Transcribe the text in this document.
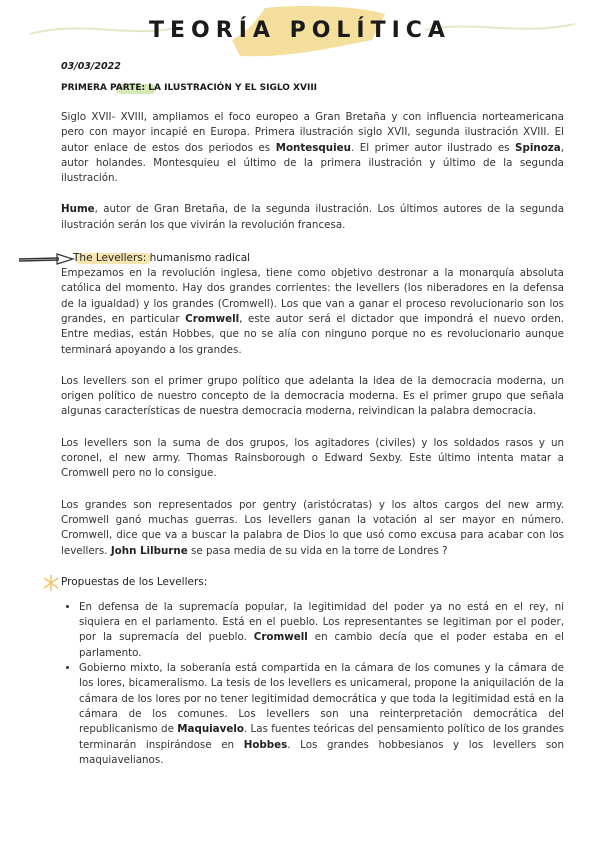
TEORÍA POLÍTICA
03/03/2022
PRIMERA PARTE: LA ILUSTRACIÓN Y EL SIGLO XVIII

Siglo XVII- XVIII, ampliamos el foco europeo a Gran Bretaña y con influencia norteamericana pero con mayor incapié en Europa. Primera ilustración siglo XVII, segunda ilustración XVIII. El autor enlace de estos dos periodos es Montesquieu. El primer autor ilustrado es Spinoza, autor holandes. Montesquieu el último de la primera ilustración y último de la segunda ilustración.

Hume, autor de Gran Bretaña, de la segunda ilustración. Los últimos autores de la segunda ilustración serán los que vivirán la revolución francesa.

The Levellers: humanismo radical

Empezamos en la revolución inglesa, tiene como objetivo destronar a la monarquía absoluta católica del momento. Hay dos grandes corrientes: the levellers (los niberadores en la defensa de la igualdad) y los grandes (Cromwell). Los que van a ganar el proceso revolucionario son los grandes, en particular Cromwell, este autor será el dictador que impondrá el nuevo orden. Entre medias, están Hobbes, que no se alía con ninguno porque no es revolucionario aunque terminará apoyando a los grandes.

Los levellers son el primer grupo político que adelanta la idea de la democracia moderna, un origen político de nuestro concepto de la democracia moderna. Es el primer grupo que señala algunas características de nuestra democracia moderna, reivindican la palabra democracia.

Los levellers son la suma de dos grupos, los agitadores (civiles) y los soldados rasos y un coronel, el new army. Thomas Rainsborough o Edward Sexby. Este último intenta matar a Cromwell pero no lo consigue.

Los grandes son representados por gentry (aristócratas) y los altos cargos del new army. Cromwell ganó muchas guerras. Los levellers ganan la votación al ser mayor en número. Cromwell, dice que va a buscar la palabra de Dios lo que usó como excusa para acabar con los levellers. John Lilburne se pasa media de su vida en la torre de Londres ?

Propuestas de los Levellers:
• En defensa de la supremacía popular, la legitimidad del poder ya no está en el rey, ni siquiera en el parlamento. Está en el pueblo. Los representantes se legitiman por el poder, por la supremacía del pueblo. Cromwell en cambio decía que el poder estaba en el parlamento.
• Gobierno mixto, la soberanía está compartida en la cámara de los comunes y la cámara de los lores, bicameralismo. La tesis de los levellers es unicameral, propone la aniquilación de la cámara de los lores por no tener legitimidad democrática y que toda la legitimidad está en la cámara de los comunes. Los levellers son una reinterpretación democrática del republicanismo de Maquiavelo. Las fuentes teóricas del pensamiento político de los grandes terminarán inspirándose en Hobbes. Los grandes hobbesianos y los levellers son maquiavelianos.
